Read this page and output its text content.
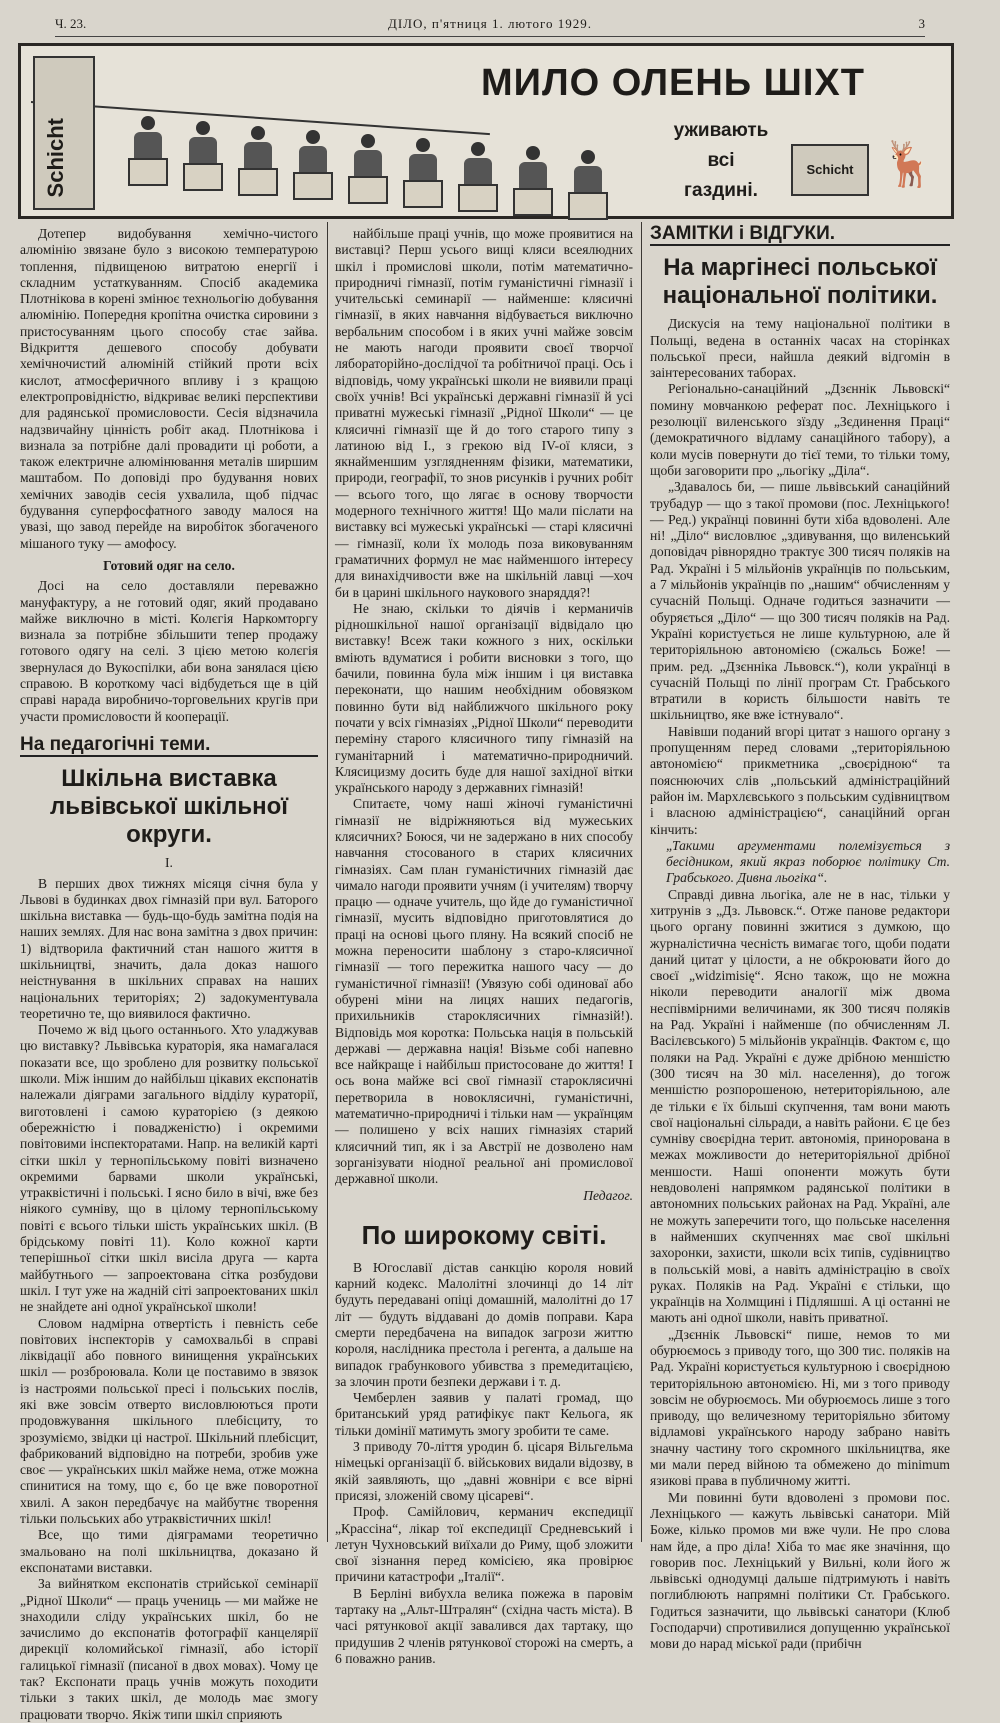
Ч. 23.	ДІЛО, п'ятниця 1. лютого 1929.	3
Schicht
МИЛО ОЛЕНЬ ШІХТ
уживають
всі
газдині.
Schicht 🦌

Дотепер видобування хемічно-чистого алюмінію звязане було з високою температурою топлення, підвищеною витратою енергії і складним устаткуванням. Спосіб академика Плотнікова в корені змінює технольогію добування алюмінію. Попередня кропітна очистка сировини з пристосуванням цього способу стає зайва. Відкриття дешевого способу добувати хемічночистий алюміній стійкий проти всіх кислот, атмосферичного впливу і з кращою електропровідністю, відкриває великі перспективи для радянської промисловости. Сесія відзначила надзвичайну цінність робіт акад. Плотнікова і визнала за потрібне далі провадити ці роботи, а також електричне алюмінювання металів ширшим маштабом. По доповіді про будування нових хемічних заводів сесія ухвалила, щоб підчас будування суперфосфатного заводу малося на увазі, що завод перейде на виробіток збогаченого мішаного туку — амофосу.

Готовий одяг на село.

Досі на село доставляли переважно мануфактуру, а не готовий одяг, який продавано майже виключно в місті. Колєгія Наркомторгу визнала за потрібне збільшити тепер продажу готового одягу на селі. З цією метою колєгія звернулася до Вукоспілки, аби вона занялася цією справою. В короткому часі відбудеться ще в цій справі нарада виробничо-торговельних кругів при участи промисловости й кооперації.

На педагогічні теми.

Шкільна виставка львівської шкільної округи.

I.

В перших двох тижнях місяця січня була у Львові в будинках двох гімназій при вул. Баторого шкільна виставка — будь-що-будь замітна подія на наших землях. Для нас вона замітна з двох причин: 1) відтворила фактичний стан нашого життя в шкільництві, значить, дала доказ нашого неістнування в шкільних справах на наших національних територіях; 2) задокументувала теоретично те, що виявилося фактично.

Почемо ж від цього останнього. Хто уладжував цю виставку? Львівська кураторія, яка намагалася показати все, що зроблено для розвитку польської школи. Між іншим до найбільш цікавих експонатів належали діяграми загального відділу кураторії, виготовлені і самою кураторією (з деякою обережністю і повадженістю) і окремими повітовими інспекторатами. Напр. на великій карті сітки шкіл у тернопільському повіті визначено окремими барвами школи українські, утраквістичні і польські. І ясно било в вічі, вже без ніякого сумніву, що в цілому тернопільському повіті є всього тільки шість українських шкіл. (В брідському повіті 11). Коло кожної карти теперішньої сітки шкіл висіла друга — карта майбутнього — запроектована сітка розбудови шкіл. І тут уже на жадній сіті запроектованих шкіл не знайдете ані одної української школи!

Словом надмірна отвертість і певність себе повітових інспекторів у самохвальбі в справі ліквідації або повного винищення українських шкіл — розброювала. Коли це поставимо в звязок із настроями польської пресі і польських послів, які вже зовсім отверто висловлюються проти продовжування шкільного плебісциту, то зрозуміємо, звідки ці настрої. Шкільний плебісцит, фабрикований відповідно на потреби, зробив уже своє — українських шкіл майже нема, отже можна спинитися на тому, що є, бо це вже поворотної хвилі. А закон передбачує на майбутнє творення тільки польських або утраквістичних шкіл!

Все, що тими діяграмами теоретично змальовано на полі шкільництва, доказано й експонатами виставки.

За вийнятком експонатів стрийської семінарії „Рідної Школи“ — праць учениць — ми майже не знаходили сліду українських шкіл, бо не зачислимо до експонатів фотографії канцелярії дирекції коломийської гімназії, або історії галицької гімназії (писаної в двох мовах). Чому це так? Експонати праць учнів можуть походити тільки з таких шкіл, де молодь має змогу працювати творчо. Якіж типи шкіл сприяють

найбільше праці учнів, що може проявитися на виставці? Перш усього вищі кляси всеялюдних шкіл і промислові школи, потім математично-природничі гімназії, потім гуманістичні гімназії і учительські семинарії — найменше: клясичні гімназії, в яких навчання відбувається виключно вербальним способом і в яких учні майже зовсім не мають нагоди проявити своєї творчої лябораторійно-дослідчої та робітничої праці. Ось і відповідь, чому українські школи не виявили праці своїх учнів! Всі українські державні гімназії й усі приватні мужеські гімназії „Рідної Школи“ — це клясичні гімназії ще й до того старого типу з латиною від I., з грекою від IV-ої кляси, з якнайменшим узглядненням фізики, математики, природи, географії, то знов рисунків і ручних робіт — всього того, що лягає в основу творчости модерного технічного життя! Що мали післати на виставку всі мужеські українські — старі клясичні — гімназії, коли їх молодь поза виковуванням граматичних формул не має найменшого інтересу для винахідчивости вже на шкільній лавці —хоч би в царині шкільного наукового знаряддя?!

Не знаю, скільки то діячів і керманичів рідношкільної нашої організації відвідало цю виставку! Всеж таки кожного з них, оскільки вміють вдуматися і робити висновки з того, що бачили, повинна була між іншим і ця виставка переконати, що нашим необхідним обовязком повинно бути від найближчого шкільного року почати у всіх гімназіях „Рідної Школи“ переводити переміну старого клясичного типу гімназій на гуманітарний і математично-природничий. Клясицизму досить буде для нашої західної вітки українського народу з державних гімназій!

Спитаєте, чому наші жіночі гуманістичні гімназії не відріжняються від мужеських клясичних? Боюся, чи не задержано в них способу навчання стосованого в старих клясичних гімназіях. Сам план гуманістичних гімназій дає чимало нагоди проявити учням (і учителям) творчу працю — одначе учитель, що йде до гуманістичної гімназії, мусить відповідно приготовлятися до праці на основі цього пляну. На всякий спосіб не можна переносити шаблону з старо-клясичної гімназії — того пережитка нашого часу — до гуманістичної гімназії! (Увязую собі одиноваї або обурені міни на лицях наших педагогів, прихильників староклясичних гімназій!). Відповідь моя коротка: Польська нація в польській державі — державна нація! Візьме собі напевно все найкраще і найбільш пристосоване до життя! І ось вона майже всі свої гімназії староклясичні перетворила в новоклясичні, гуманістичні, математично-природничі і тільки нам — українцям — полишено у всіх наших гімназіях старий клясичний тип, як і за Австрії не дозволено нам зорганізувати ніодної реальної ані промислової державної школи.

Педагог.

По широкому світі.

В Югославії дістав санкцію короля новий карний кодекс. Малолітні злочинці до 14 літ будуть передавані опіці домашній, малолітні до 17 літ — будуть віддавані до домів поправи. Кара смерти передбачена на випадок загрози життю короля, наслідника престола і регента, а дальше на випадок грабункового убивства з премедитацією, за злочин проти безпеки держави і т. д.

Чемберлен заявив у палаті громад, що британський уряд ратифікує пакт Кельога, як тільки домінії матимуть змогу зробити те саме.

З приводу 70-ліття уродин б. цісаря Вільгельма німецькі організації б. військових видали відозву, в якій заявляють, що „давні жовніри є все вірні присязі, зложеній свому цісареві“.

Проф. Самійлович, керманич експедиції „Крассіна“, лікар тої експедиції Средневський і летун Чухновський виїхали до Риму, щоб зложити свої зізнання перед комісією, яка провірює причини катастрофи „Італії“.

В Берліні вибухла велика пожежа в паровім тартаку на „Альт-Штралян“ (східна часть міста). В часі рятункової акції завалився дах тартаку, що придушив 2 членів рятункової сторожі на смерть, а 6 поважно ранив.

ЗАМІТКИ і ВІДГУКИ.

На маргінесі польської національної політики.

Дискусія на тему національної політики в Польщі, ведена в останніх часах на сторінках польської преси, найшла деякий відгомін в заінтересованих таборах.

Регіонально-санаційний „Дзєннік Львовскі“ помину мовчанкою реферат пос. Лехніцького і резолюції виленського зїзду „Зєдинення Праці“ (демократичного відламу санаційного табору), а коли мусів повернути до тієї теми, то тільки тому, щоби заговорити про „льогіку „Діла“.

„Здавалось би, — пише львівський санаційний трубадур — що з такої промови (пос. Лехніцького! — Ред.) українці повинні бути хіба вдоволені. Але ні! „Діло“ висловлює „здивування, що виленський доповідач рівнорядно трактує 300 тисяч поляків на Рад. Україні і 5 мільйонів українців по польським, а 7 мільйонів українців по „нашим“ обчисленням у сучасній Польщі. Одначе годиться зазначити — обуряється „Діло“ — що 300 тисяч поляків на Рад. Україні користується не лише культурною, але й територіяльною автономією (сжальсь Боже! — прим. ред. „Дзєнніка Львовск.“), коли українці в сучасній Польщі по лінії програм Ст. Грабського втратили в користь більшости навіть те шкільництво, яке вже істнувало“.

Навівши поданий вгорі цитат з нашого органу з пропущенням перед словами „територіяльною автономією“ прикметника „своєрідною“ та пояснюючих слів „польський адміністраційний район ім. Мархлєвського з польським судівництвом і власною адміністрацією“, санаційний орган кінчить:

„Такими аргументами полемізується з бесідником, який якраз поборює політику Ст. Грабського. Дивна льогіка“.

Справді дивна льогіка, але не в нас, тільки у хитрунів з „Дз. Львовск.“. Отже панове редактори цього органу повинні зжитися з думкою, що журналістична чесність вимагає того, щоби подати даний цитат у цілости, а не обкроювати його до своєї „widzimisię“. Ясно також, що не можна ніколи переводити аналогії між двома неспівмірними величинами, як 300 тисяч поляків на Рад. Україні і найменше (по обчисленням Л. Васілєвського) 5 мільйонів українців. Фактом є, що поляки на Рад. Україні є дуже дрібною меншістю (300 тисяч на 30 міл. населення), до тогож меншістю розпорошеною, нетериторіяльною, але де тільки є їх більші скупчення, там вони мають свої національні сільради, а навіть райони. Є це без сумніву своєрідна терит. автономія, принорована в межах можливости до нетериторіяльної дрібної меншости. Наші опоненти можуть бути невдоволені напрямком радянської політики в автономних польських районах на Рад. Україні, але не можуть заперечити того, що польське населення в найменших скупченнях має свої шкільні захоронки, захисти, школи всіх типів, судівництво в польській мові, а навіть адміністрацію в своїх руках. Поляків на Рад. Україні є стільки, що українців на Холмщині і Підляшші. А ці останні не мають ані одної школи, навіть приватної.

„Дзєннік Львовскі“ пише, немов то ми обурюємось з приводу того, що 300 тис. поляків на Рад. Україні користується культурною і своєрідною територіяльною автономією. Ні, ми з того приводу зовсім не обурюємось. Ми обурюємось лише з того приводу, що величезному територіяльно збитому відламові українського народу забрано навіть значну частину того скромного шкільництва, яке ми мали перед війною та обмежено до minimum язикові права в публичному житті.

Ми повинні бути вдоволені з промови пос. Лехніцького — кажуть львівські санатори. Мій Боже, кілько промов ми вже чули. Не про слова нам йде, а про діла! Хіба то має яке значіння, що говорив пос. Лехніцький у Вильні, коли його ж львівські однодумці дальше підтримують і навіть поглиблюють напрямні політики Ст. Грабського. Годиться зазначити, що львівські санатори (Клюб Господарчи) спротивилися допущенню української мови до нарад міської ради (прибічн
